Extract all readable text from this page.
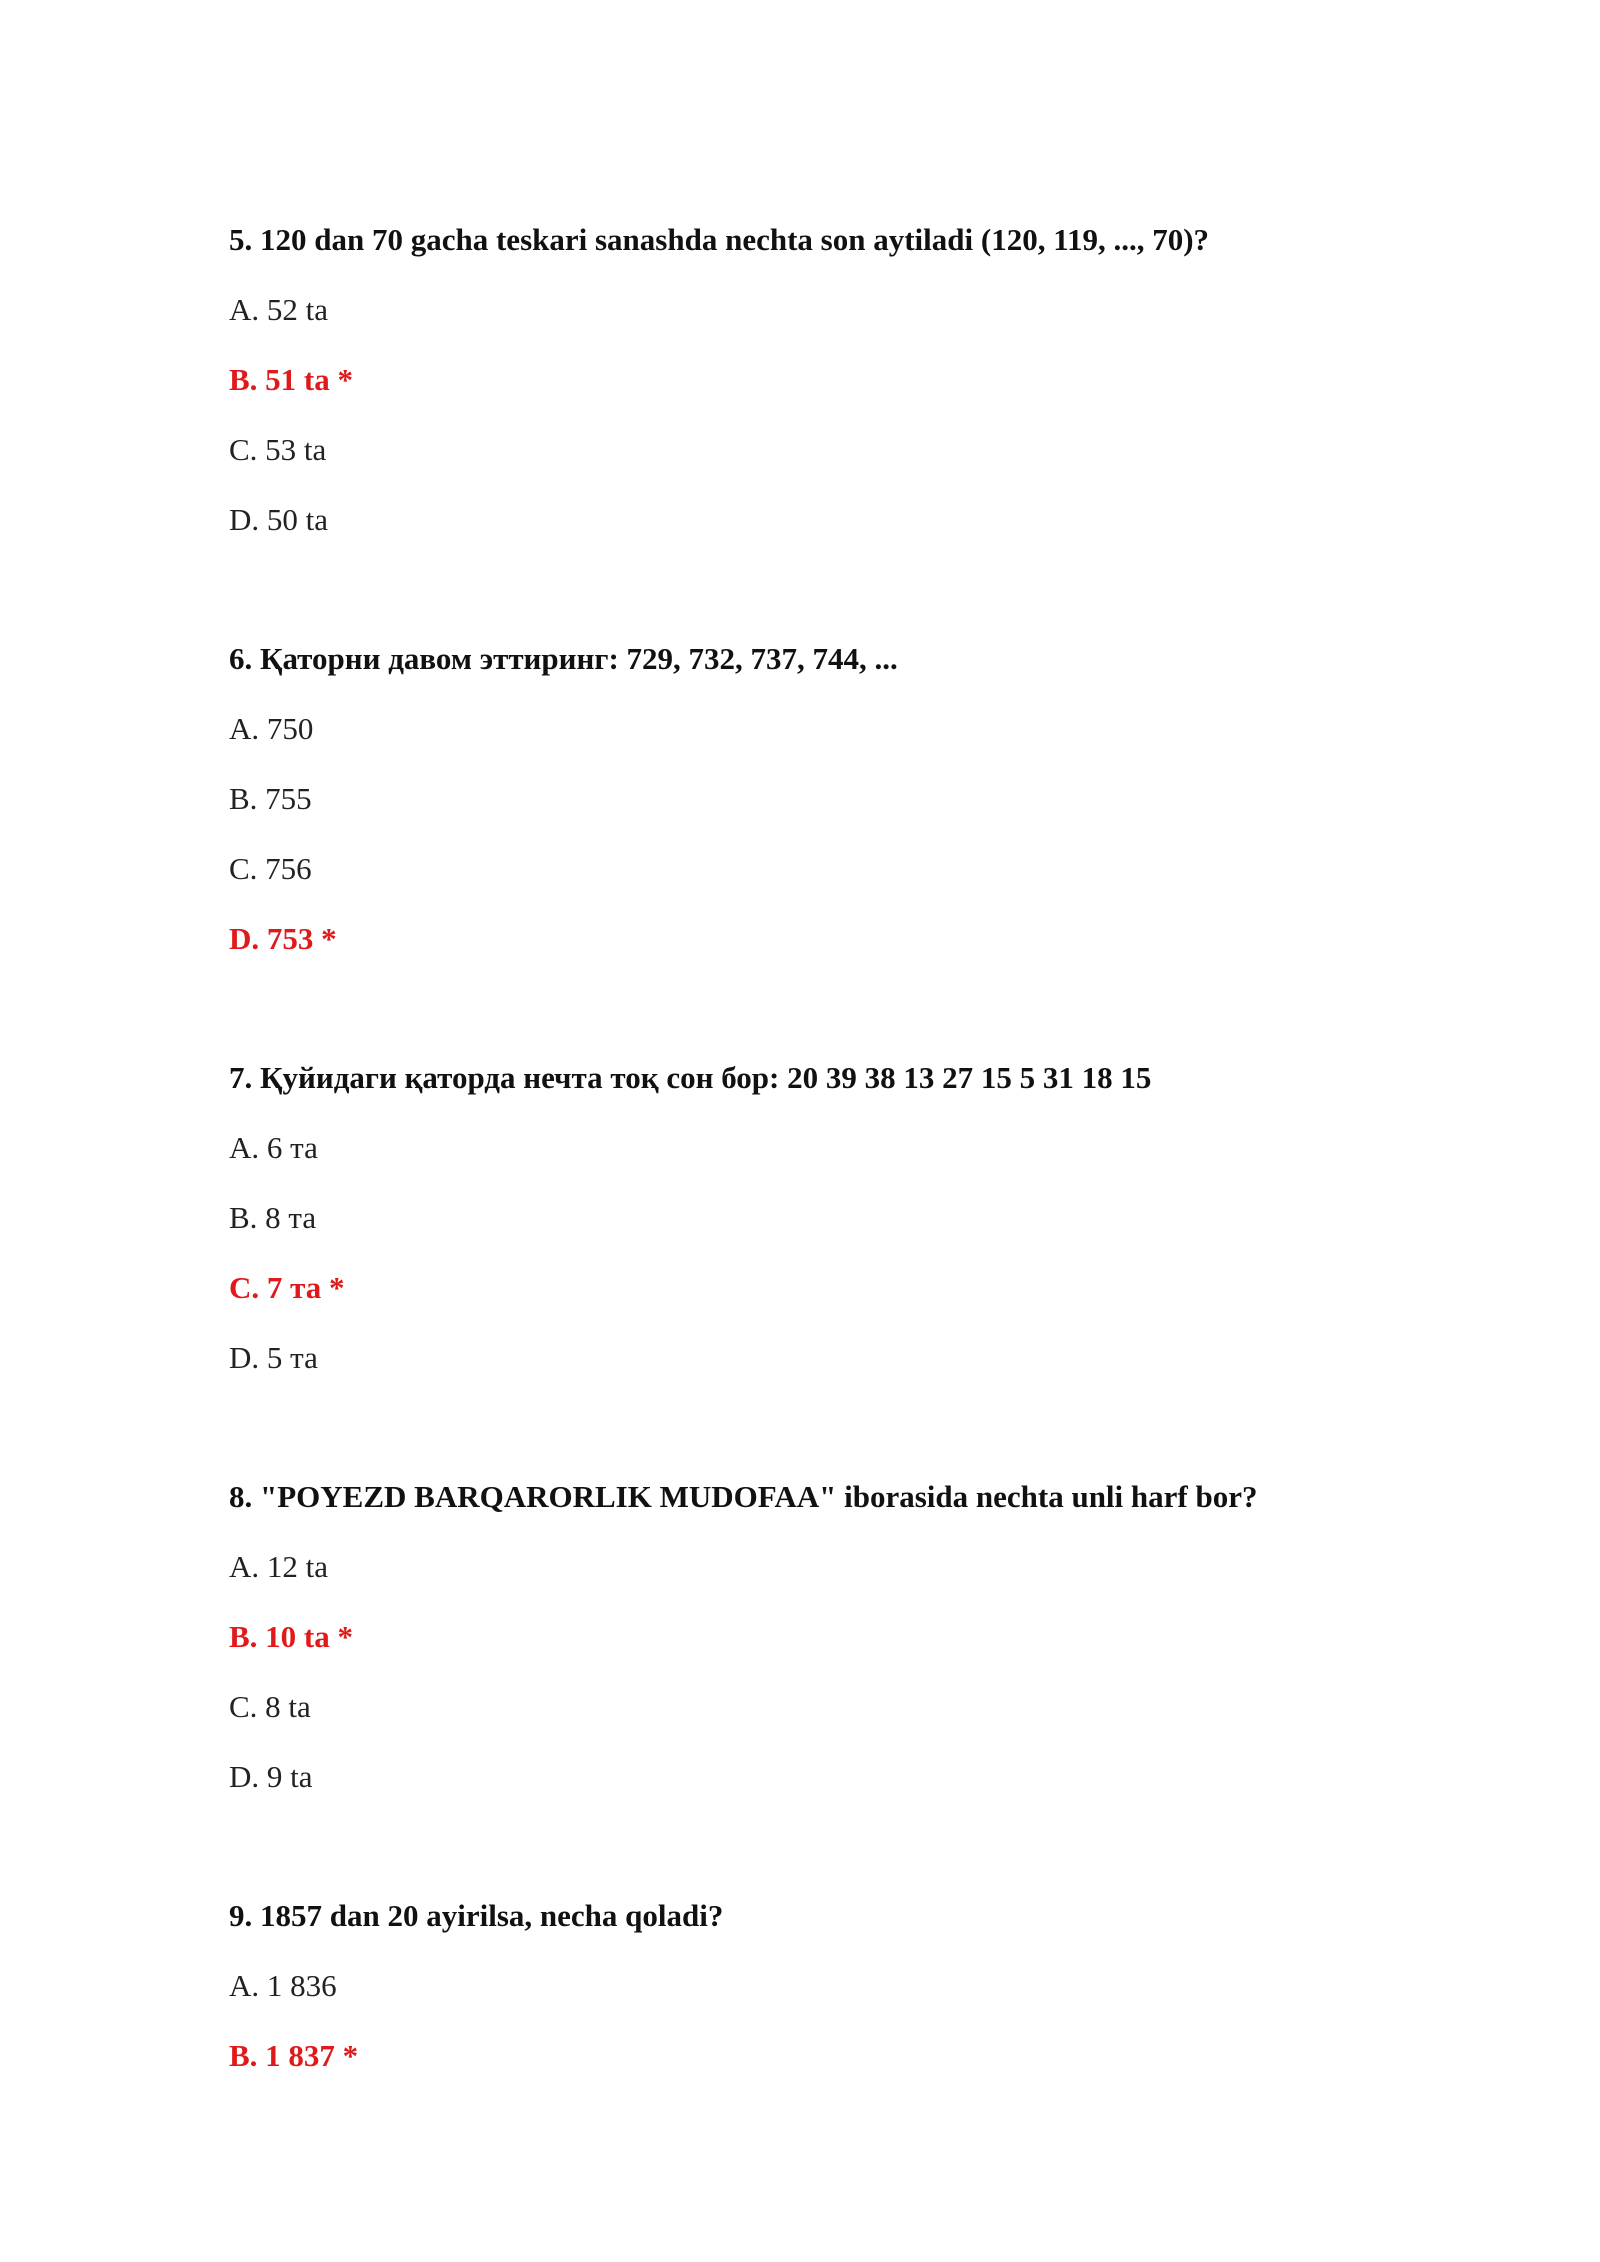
5. 120 dan 70 gacha teskari sanashda nechta son aytiladi (120, 119, ..., 70)?
A. 52 ta
B. 51 ta *
C. 53 ta
D. 50 ta
6. Қаторни давом эттиринг: 729, 732, 737, 744, ...
A. 750
B. 755
C. 756
D. 753 *
7. Қуйидаги қаторда нечта тоқ сон бор: 20 39 38 13 27 15 5 31 18 15
A. 6 та
B. 8 та
C. 7 та *
D. 5 та
8. "POYEZD BARQARORLIK MUDOFAA" iborasida nechta unli harf bor?
A. 12 ta
B. 10 ta *
C. 8 ta
D. 9 ta
9. 1857 dan 20 ayirilsa, necha qoladi?
A. 1 836
B. 1 837 *
